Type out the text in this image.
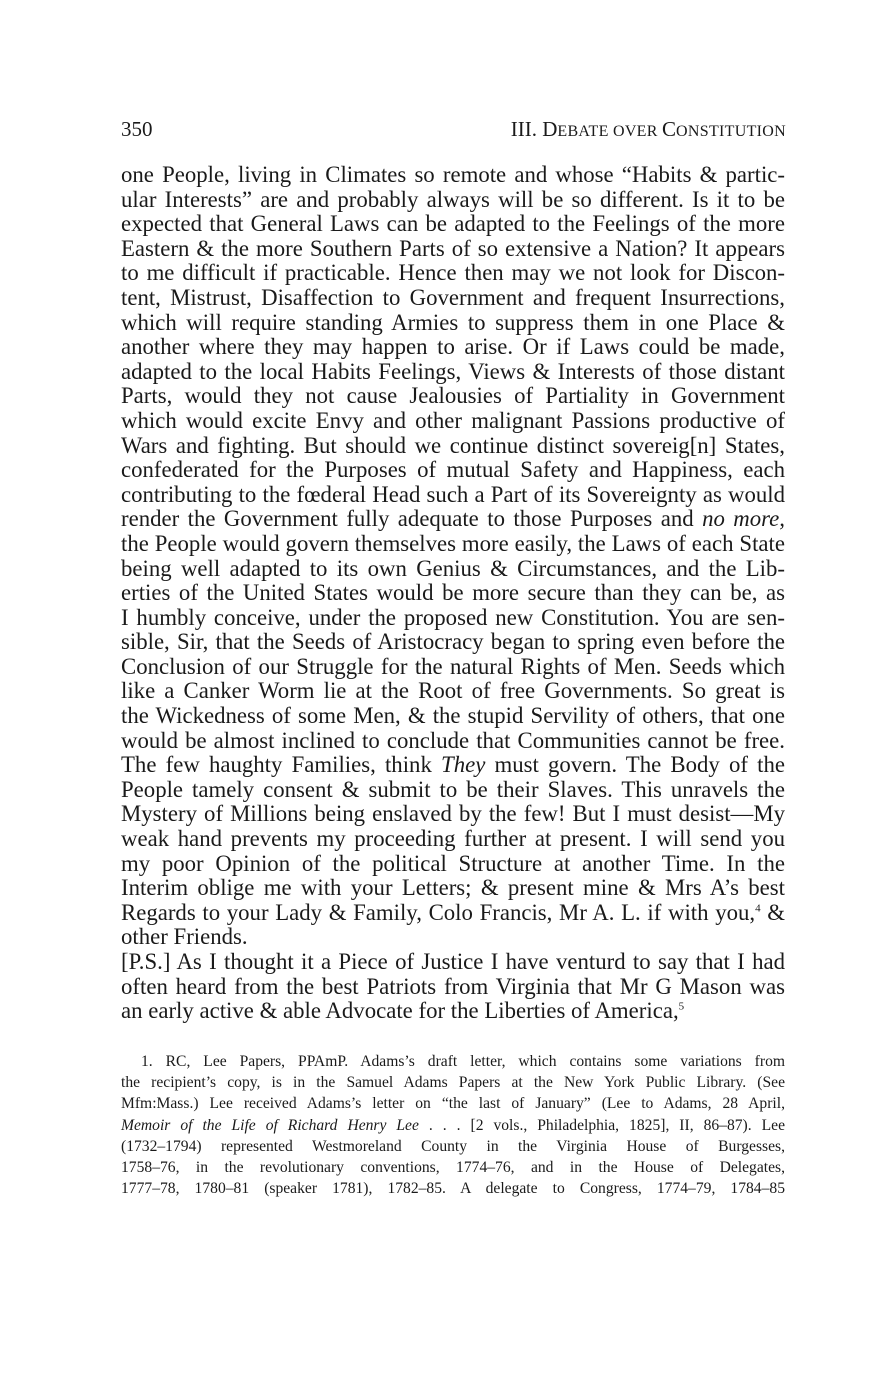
350	III. DEBATE OVER CONSTITUTION
one People, living in Climates so remote and whose “Habits & partic-
ular Interests” are and probably always will be so different. Is it to be
expected that General Laws can be adapted to the Feelings of the more
Eastern & the more Southern Parts of so extensive a Nation? It appears
to me difficult if practicable. Hence then may we not look for Discon-
tent, Mistrust, Disaffection to Government and frequent Insurrections,
which will require standing Armies to suppress them in one Place &
another where they may happen to arise. Or if Laws could be made,
adapted to the local Habits Feelings, Views & Interests of those distant
Parts, would they not cause Jealousies of Partiality in Government
which would excite Envy and other malignant Passions productive of
Wars and fighting. But should we continue distinct sovereig[n] States,
confederated for the Purposes of mutual Safety and Happiness, each
contributing to the fœderal Head such a Part of its Sovereignty as would
render the Government fully adequate to those Purposes and no more,
the People would govern themselves more easily, the Laws of each State
being well adapted to its own Genius & Circumstances, and the Lib-
erties of the United States would be more secure than they can be, as
I humbly conceive, under the proposed new Constitution. You are sen-
sible, Sir, that the Seeds of Aristocracy began to spring even before the
Conclusion of our Struggle for the natural Rights of Men. Seeds which
like a Canker Worm lie at the Root of free Governments. So great is
the Wickedness of some Men, & the stupid Servility of others, that one
would be almost inclined to conclude that Communities cannot be free.
The few haughty Families, think They must govern. The Body of the
People tamely consent & submit to be their Slaves. This unravels the
Mystery of Millions being enslaved by the few! But I must desist—My
weak hand prevents my proceeding further at present. I will send you
my poor Opinion of the political Structure at another Time. In the
Interim oblige me with your Letters; & present mine & Mrs A’s best
Regards to your Lady & Family, Colo Francis, Mr A. L. if with you,$^4$ &
other Friends.
[P.S.] As I thought it a Piece of Justice I have venturd to say that I had
often heard from the best Patriots from Virginia that Mr G Mason was
an early active & able Advocate for the Liberties of America,$^5$
1. RC, Lee Papers, PPAmP. Adams’s draft letter, which contains some variations from
the recipient’s copy, is in the Samuel Adams Papers at the New York Public Library. (See
Mfm:Mass.) Lee received Adams’s letter on “the last of January” (Lee to Adams, 28 April,
Memoir of the Life of Richard Henry Lee . . . [2 vols., Philadelphia, 1825], II, 86–87). Lee
(1732–1794) represented Westmoreland County in the Virginia House of Burgesses,
1758–76, in the revolutionary conventions, 1774–76, and in the House of Delegates,
1777–78, 1780–81 (speaker 1781), 1782–85. A delegate to Congress, 1774–79, 1784–85
